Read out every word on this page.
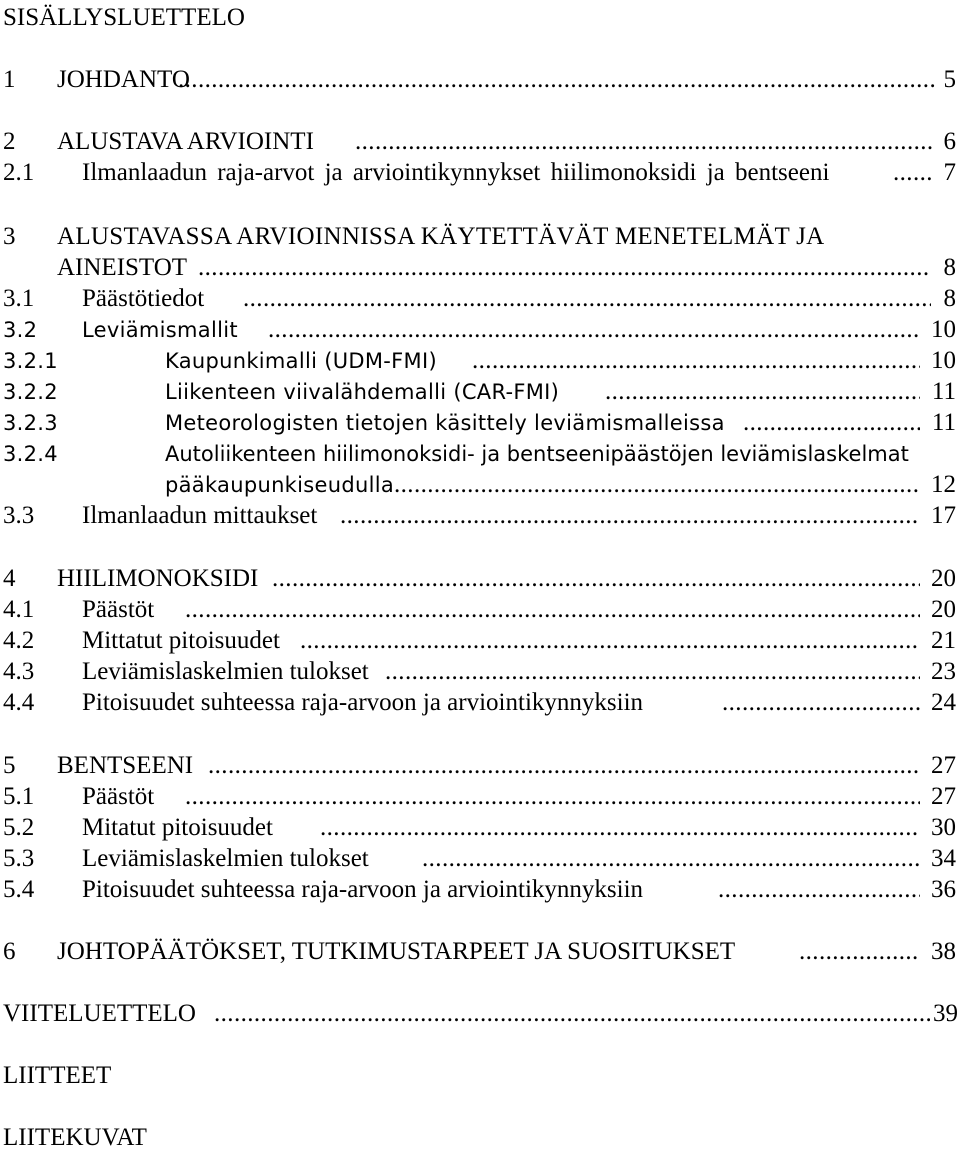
SISÄLLYSLUETTELO
1 JOHDANTO .....	5
2 ALUSTAVA ARVIOINTI .....	6
2.1 Ilmanlaadun raja-arvot ja arviointikynnykset hiilimonoksidi ja bentseeni .....	7
3 ALUSTAVASSA ARVIOINNISSA KÄYTETTÄVÄT MENETELMÄT JA
AINEISTOT .....	8
3.1 Päästötiedot .....	8
3.2 Leviämismallit .....	10
3.2.1	Kaupunkimalli (UDM-FMI) .....	10
3.2.2	Liikenteen viivalähdemalli (CAR-FMI) .....	11
3.2.3	Meteorologisten tietojen käsittely leviämismalleissa .....	11
3.2.4	Autoliikenteen hiilimonoksidi- ja bentseenipäästöjen leviämislaskelmat
pääkaupunkiseudulla .....	12
3.3 Ilmanlaadun mittaukset .....	17
4 HIILIMONOKSIDI .....	20
4.1 Päästöt .....	20
4.2 Mittatut pitoisuudet .....	21
4.3 Leviämislaskelmien tulokset .....	23
4.4 Pitoisuudet suhteessa raja-arvoon ja arviointikynnyksiin .....	24
5 BENTSEENI .....	27
5.1 Päästöt .....	27
5.2 Mitatut pitoisuudet .....	30
5.3 Leviämislaskelmien tulokset .....	34
5.4 Pitoisuudet suhteessa raja-arvoon ja arviointikynnyksiin .....	36
6 JOHTOPÄÄTÖKSET, TUTKIMUSTARPEET JA SUOSITUKSET .....	38
VIITELUETTELO .....	39
LIITTEET
LIITEKUVAT
